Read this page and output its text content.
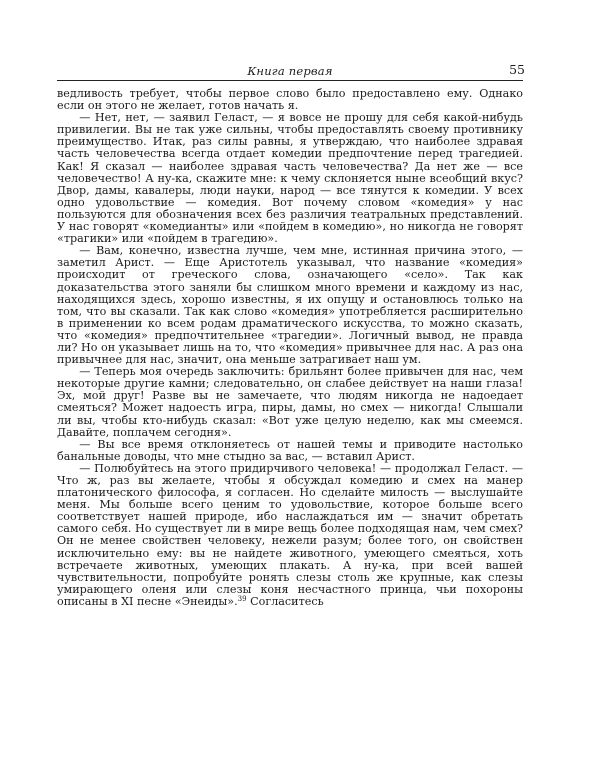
Книга первая	55

ведливость требует, чтобы первое слово было предоставлено ему. Однако если он этого не желает, готов начать я.

— Нет, нет, — заявил Геласт, — я вовсе не прошу для себя какой-нибудь привилегии. Вы не так уже сильны, чтобы предоставлять своему противнику преимущество. Итак, раз силы равны, я утверждаю, что наиболее здравая часть человечества всегда отдает комедии предпочтение перед трагедией. Как! Я сказал — наиболее здравая часть человечества? Да нет же — все человечество! А ну-ка, скажите мне: к чему склоняется ныне всеобщий вкус? Двор, дамы, кавалеры, люди науки, народ — все тянутся к комедии. У всех одно удовольствие — комедия. Вот почему словом «комедия» у нас пользуются для обозначения всех без различия театральных представлений. У нас говорят «комедианты» или «пойдем в комедию», но никогда не говорят «трагики» или «пойдем в трагедию».

— Вам, конечно, известна лучше, чем мне, истинная причина этого, — заметил Арист. — Еще Аристотель указывал, что название «комедия» происходит от греческого слова, означающего «село». Так как доказательства этого заняли бы слишком много времени и каждому из нас, находящихся здесь, хорошо известны, я их опущу и остановлюсь только на том, что вы сказали. Так как слово «комедия» употребляется расширительно в применении ко всем родам драматического искусства, то можно сказать, что «комедия» предпочтительнее «трагедии». Логичный вывод, не правда ли? Но он указывает лишь на то, что «комедия» привычнее для нас. А раз она привычнее для нас, значит, она меньше затрагивает наш ум.

— Теперь моя очередь заключить: брильянт более привычен для нас, чем некоторые другие камни; следовательно, он слабее действует на наши глаза! Эх, мой друг! Разве вы не замечаете, что людям никогда не надоедает смеяться? Может надоесть игра, пиры, дамы, но смех — никогда! Слышали ли вы, чтобы кто-нибудь сказал: «Вот уже целую неделю, как мы смеемся. Давайте, поплачем сегодня».

— Вы все время отклоняетесь от нашей темы и приводите настолько банальные доводы, что мне стыдно за вас, — вставил Арист.

— Полюбуйтесь на этого придирчивого человека! — продолжал Геласт. — Что ж, раз вы желаете, чтобы я обсуждал комедию и смех на манер платонического философа, я согласен. Но сделайте милость — выслушайте меня. Мы больше всего ценим то удовольствие, которое больше всего соответствует нашей природе, ибо наслаждаться им — значит обретать самого себя. Но существует ли в мире вещь более подходящая нам, чем смех? Он не менее свойствен человеку, нежели разум; более того, он свойствен исключительно ему: вы не найдете животного, умеющего смеяться, хоть встречаете животных, умеющих плакать. А ну-ка, при всей вашей чувствительности, попробуйте ронять слезы столь же крупные, как слезы умирающего оленя или слезы коня несчастного принца, чьи похороны описаны в XI песне «Энеиды».$^{39}$ Согласитесь
